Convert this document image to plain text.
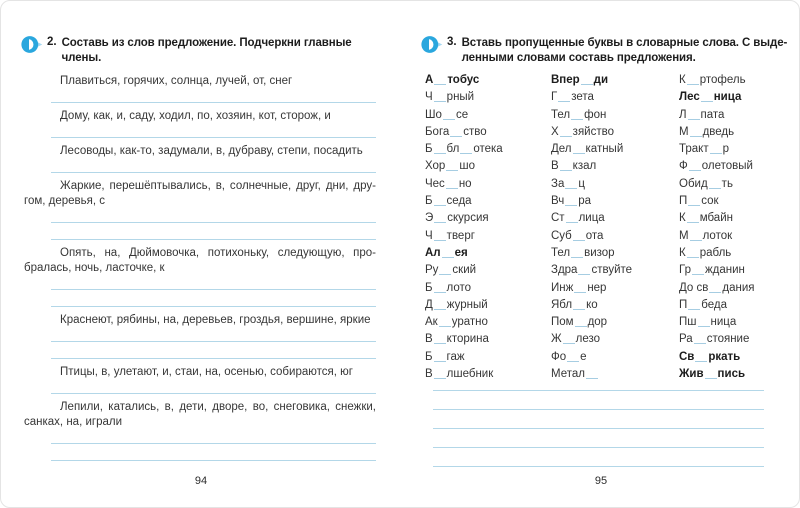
2. Составь из слов предложение. Подчеркни главные члены.
Плавиться, горячих, солнца, лучей, от, снег
Дому, как, и, саду, ходил, по, хозяин, кот, сторож, и
Лесоводы, как-то, задумали, в, дубраву, степи, посадить
Жаркие, перешёптывались, в, солнечные, друг, дни, дру-
гом, деревья, с
Опять, на, Дюймовочка, потихоньку, следующую, про-
бралась, ночь, ласточке, к
Краснеют, рябины, на, деревьев, гроздья, вершине, яркие
Птицы, в, улетают, и, стаи, на, осенью, собираются, юг
Лепили, катались, в, дети, дворе, во, снеговика, снежки,
санках, на, играли
94
3. Вставь пропущенные буквы в словарные слова. С выде-
ленными словами составь предложения.
А тобус
Ч рный
Шо се
Бога ство
Б бл отека
Хор шо
Чес но
Б седа
Э скурсия
Ч тверг
Ал ея
Ру ский
Б лото
Д журный
Ак уратно
В кторина
Б гаж
В лшебник
Впер ди
Г зета
Тел фон
Х зяйство
Дел катный
В кзал
За ц
Вч ра
Ст лица
Суб ота
Тел визор
Здра ствуйте
Инж нер
Ябл ко
Пом дор
Ж лезо
Фо е
Метал
К ртофель
Лес ница
Л пата
М дведь
Тракт р
Ф олетовый
Обид ть
П сок
К мбайн
М лоток
К рабль
Гр жданин
До св дания
П беда
Пш ница
Ра стояние
Св ркать
Жив пись
95
